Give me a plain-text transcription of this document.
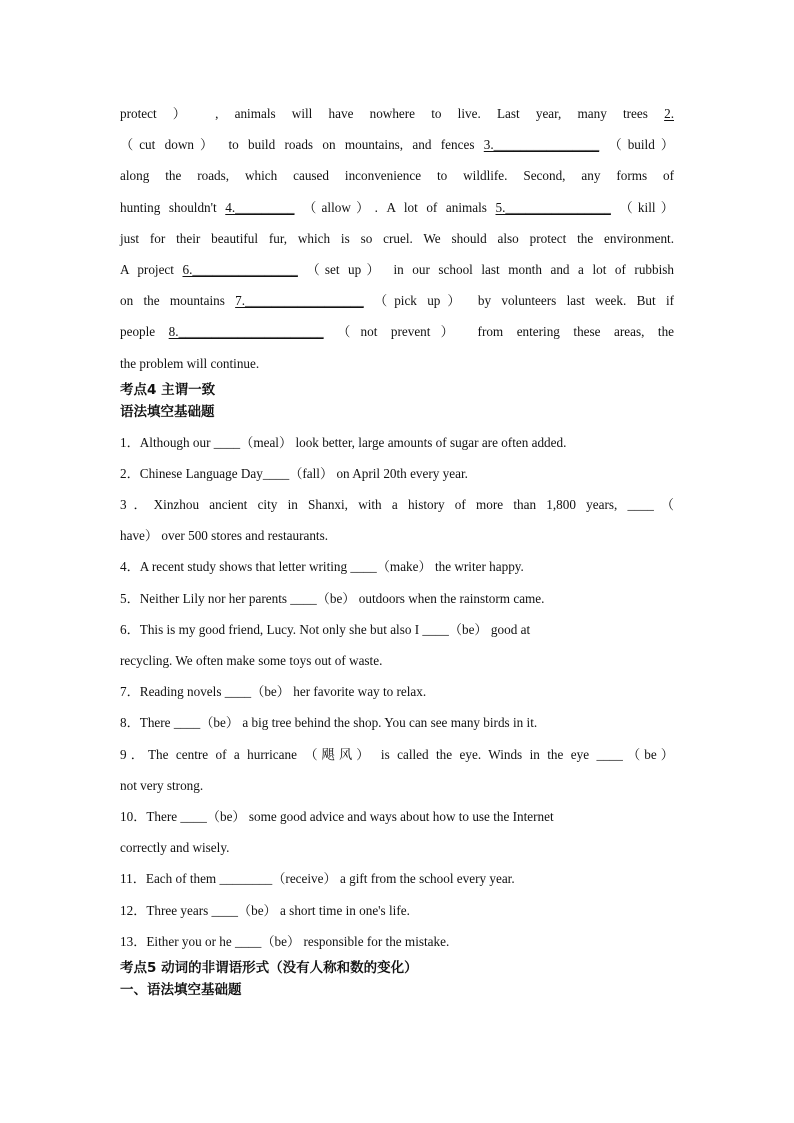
protect ） , animals will have nowhere to live. Last year, many trees 2.
（cut down） to build roads on mountains, and fences 3.________________ （build）
along the roads, which caused inconvenience to wildlife. Second, any forms of
hunting shouldn't 4._________ （allow）. A lot of animals 5.________________ （kill）
just for their beautiful fur, which is so cruel. We should also protect the environment.
A project 6.________________ （set up） in our school last month and a lot of rubbish
on the mountains 7.__________________ （pick up） by volunteers last week. But if
people 8.______________________ （not prevent） from entering these areas, the
the problem will continue.
考点4 主谓一致
语法填空基础题
1．Although our ____（meal） look better, large amounts of sugar are often added.
2．Chinese Language Day____（fall） on April 20th every year.
3．Xinzhou ancient city in Shanxi, with a history of more than 1,800 years, ____（
have） over 500 stores and restaurants.
4．A recent study shows that letter writing ____（make） the writer happy.
5．Neither Lily nor her parents ____（be） outdoors when the rainstorm came.
6．This is my good friend, Lucy. Not only she but also I ____（be） good at
recycling. We often make some toys out of waste.
7．Reading novels ____（be） her favorite way to relax.
8．There ____（be） a big tree behind the shop. You can see many birds in it.
9．The centre of a hurricane （飓风） is called the eye. Winds in the eye ____（be）
not very strong.
10．There ____（be） some good advice and ways about how to use the Internet
correctly and wisely.
11．Each of them ________（receive） a gift from the school every year.
12．Three years ____（be） a short time in one's life.
13．Either you or he ____（be） responsible for the mistake.
考点5 动词的非谓语形式（没有人称和数的变化）
一、语法填空基础题
